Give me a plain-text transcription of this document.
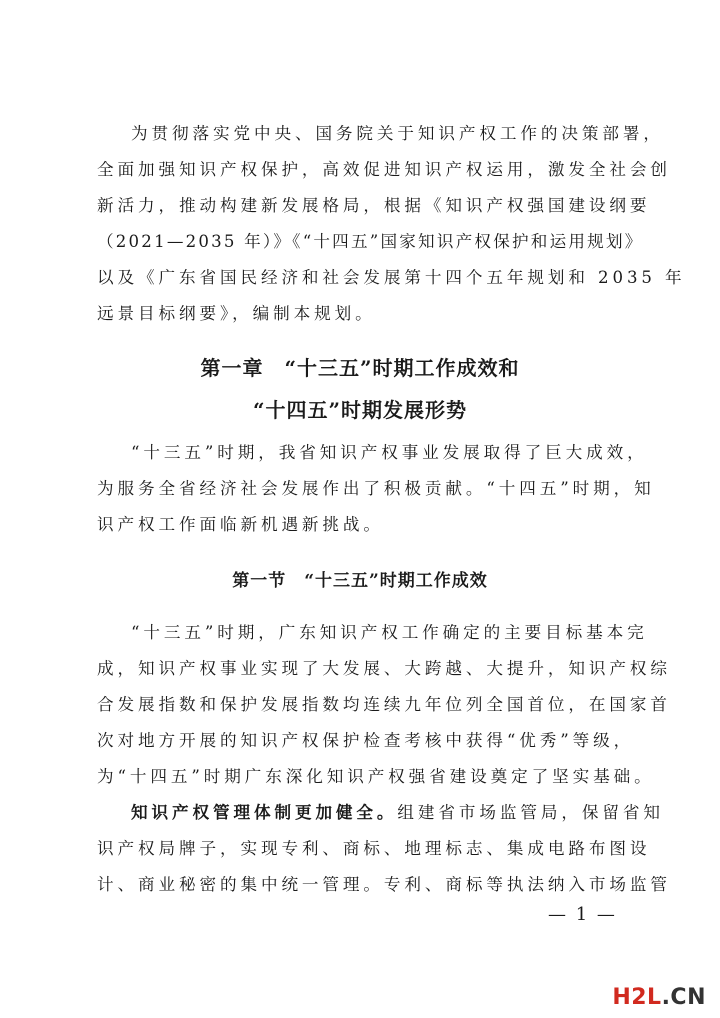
为贯彻落实党中央、国务院关于知识产权工作的决策部署，
全面加强知识产权保护，高效促进知识产权运用，激发全社会创
新活力，推动构建新发展格局，根据《知识产权强国建设纲要
（2021—2035 年）》《“十四五”国家知识产权保护和运用规划》
以及《广东省国民经济和社会发展第十四个五年规划和 2035 年
远景目标纲要》，编制本规划。

第一章　“十三五”时期工作成效和
“十四五”时期发展形势

“十三五”时期，我省知识产权事业发展取得了巨大成效，
为服务全省经济社会发展作出了积极贡献。“十四五”时期，知
识产权工作面临新机遇新挑战。

第一节　“十三五”时期工作成效

“十三五”时期，广东知识产权工作确定的主要目标基本完
成，知识产权事业实现了大发展、大跨越、大提升，知识产权综
合发展指数和保护发展指数均连续九年位列全国首位，在国家首
次对地方开展的知识产权保护检查考核中获得“优秀”等级，
为“十四五”时期广东深化知识产权强省建设奠定了坚实基础。

知识产权管理体制更加健全。组建省市场监管局，保留省知
识产权局牌子，实现专利、商标、地理标志、集成电路布图设
计、商业秘密的集中统一管理。专利、商标等执法纳入市场监管

— 1 —
H2L.CN
